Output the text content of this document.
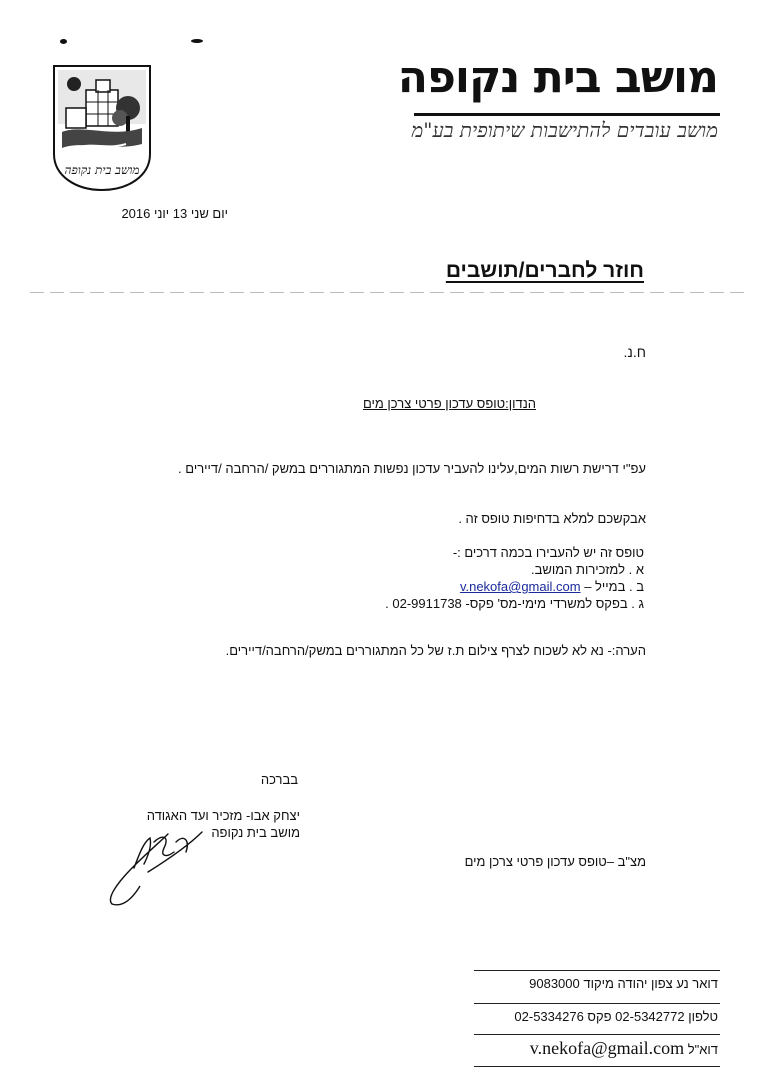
מושב בית נקופה
מושב בית נקופה
מושב עובדים להתישבות שיתופית בע"מ
יום שני 13 יוני 2016
חוזר לחברים/תושבים
ח.נ.
הנדון:טופס עדכון פרטי צרכן מים
עפ"י דרישת רשות המים,עלינו להעביר עדכון נפשות המתגוררים במשק /הרחבה /דיירים .
אבקשכם למלא בדחיפות טופס זה .
טופס זה יש להעבירו בכמה דרכים :-
א . למזכירות המושב.
ב . במייל – v.nekofa@gmail.com
ג . בפקס למשרדי מימי-מס' פקס- 02-9911738 .
הערה:- נא לא לשכוח לצרף צילום ת.ז של כל המתגוררים במשק/הרחבה/דיירים.
בברכה
יצחק אבו- מזכיר ועד האגודה
מושב בית נקופה
מצ"ב –טופס עדכון פרטי צרכן מים
דואר נע צפון יהודה מיקוד 9083000
טלפון 02-5342772 פקס 02-5334276
דוא"ל v.nekofa@gmail.com
